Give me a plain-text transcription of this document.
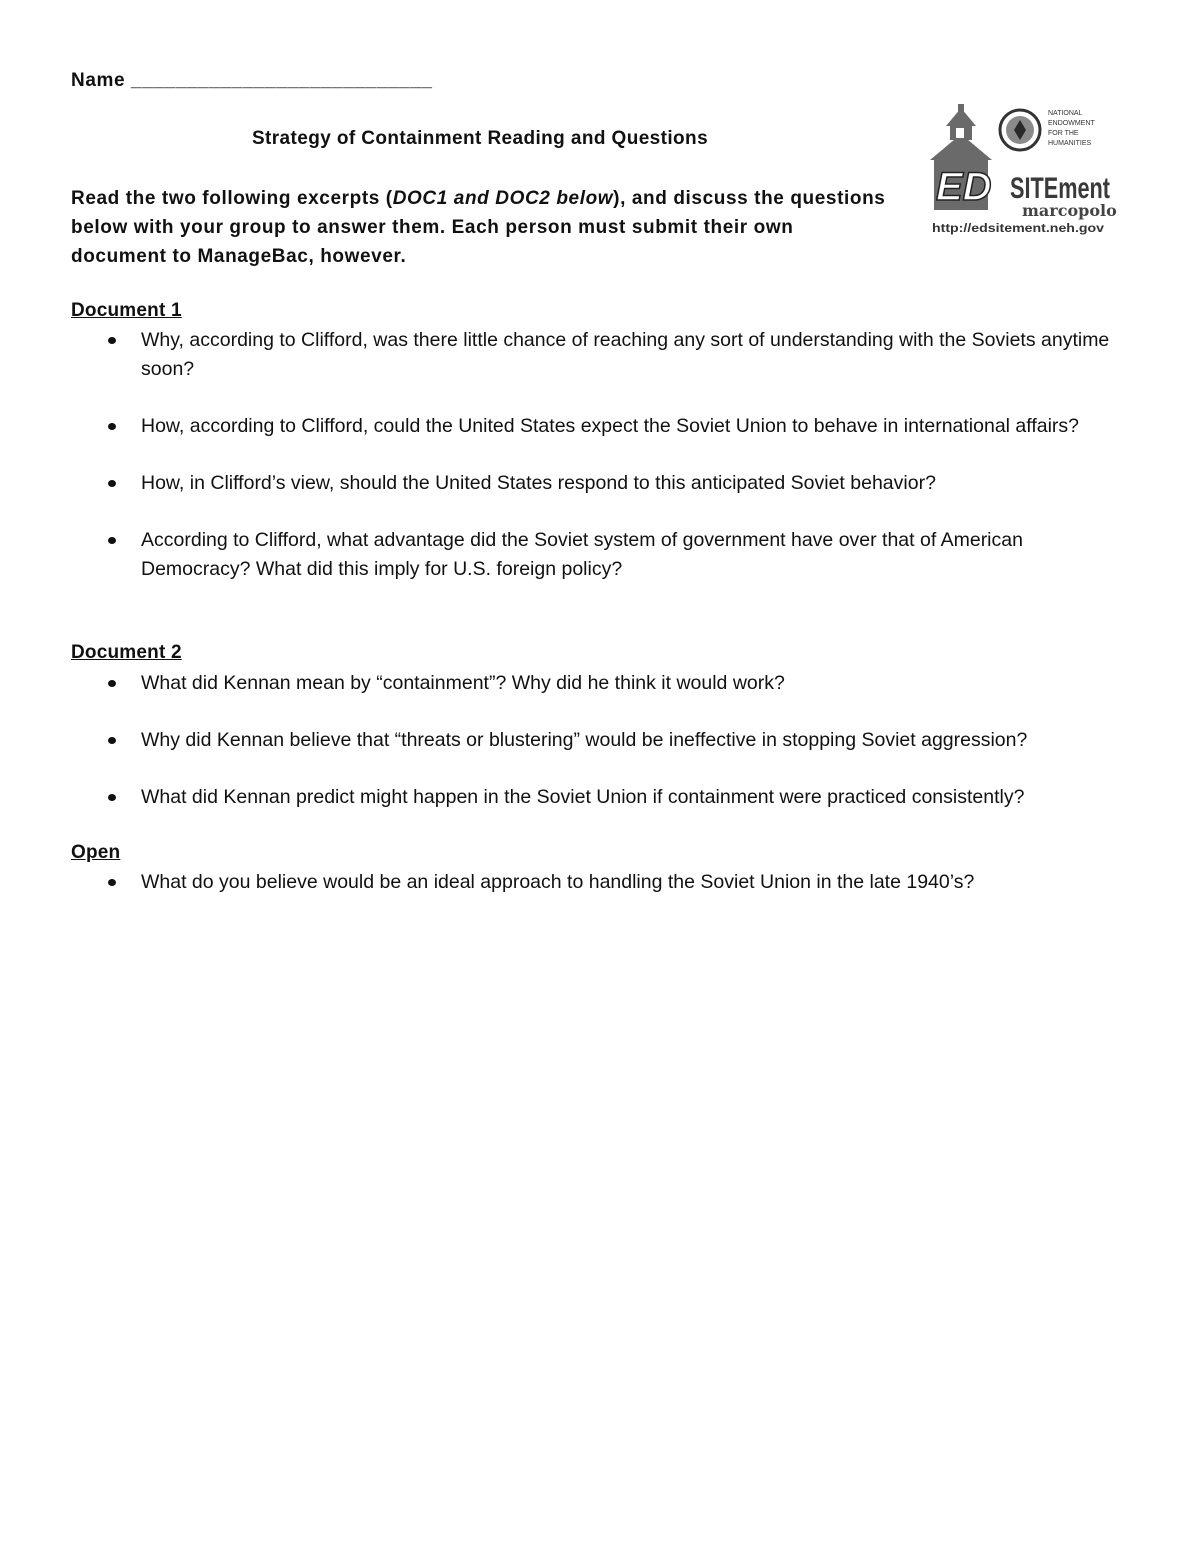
Name ___________________________
Strategy of Containment Reading and Questions
Read the two following excerpts (DOC1 and DOC2 below), and discuss the questions below with your group to answer them. Each person must submit their own document to ManageBac, however.
ED SITEment
marcopolo
http://edsitement.neh.gov
NATIONAL
ENDOWMENT
FOR THE
HUMANITIES
Document 1
Why, according to Clifford, was there little chance of reaching any sort of understanding with the Soviets anytime soon?
How, according to Clifford, could the United States expect the Soviet Union to behave in international affairs?
How, in Clifford’s view, should the United States respond to this anticipated Soviet behavior?
According to Clifford, what advantage did the Soviet system of government have over that of American Democracy? What did this imply for U.S. foreign policy?
Document 2
What did Kennan mean by “containment”? Why did he think it would work?
Why did Kennan believe that “threats or blustering” would be ineffective in stopping Soviet aggression?
What did Kennan predict might happen in the Soviet Union if containment were practiced consistently?
Open
What do you believe would be an ideal approach to handling the Soviet Union in the late 1940’s?
